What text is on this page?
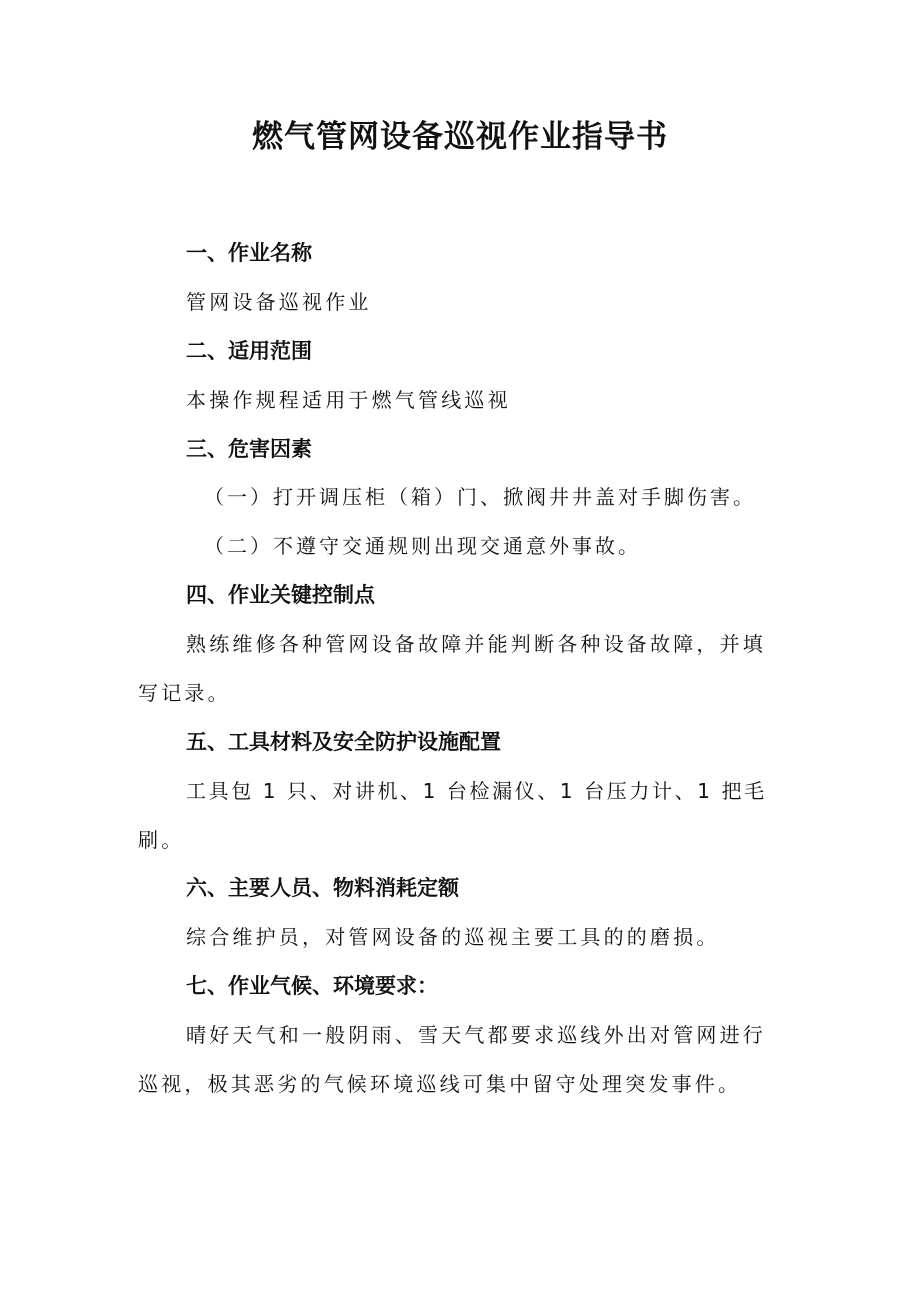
燃气管网设备巡视作业指导书
一、作业名称

管网设备巡视作业

二、适用范围

本操作规程适用于燃气管线巡视

三、危害因素

（一）打开调压柜（箱）门、掀阀井井盖对手脚伤害。

（二）不遵守交通规则出现交通意外事故。

四、作业关键控制点

熟练维修各种管网设备故障并能判断各种设备故障，并填

写记录。

五、工具材料及安全防护设施配置

工具包 1 只、对讲机、1 台检漏仪、1 台压力计、1 把毛

刷。

六、主要人员、物料消耗定额

综合维护员，对管网设备的巡视主要工具的的磨损。

七、作业气候、环境要求：

晴好天气和一般阴雨、雪天气都要求巡线外出对管网进行

巡视，极其恶劣的气候环境巡线可集中留守处理突发事件。
